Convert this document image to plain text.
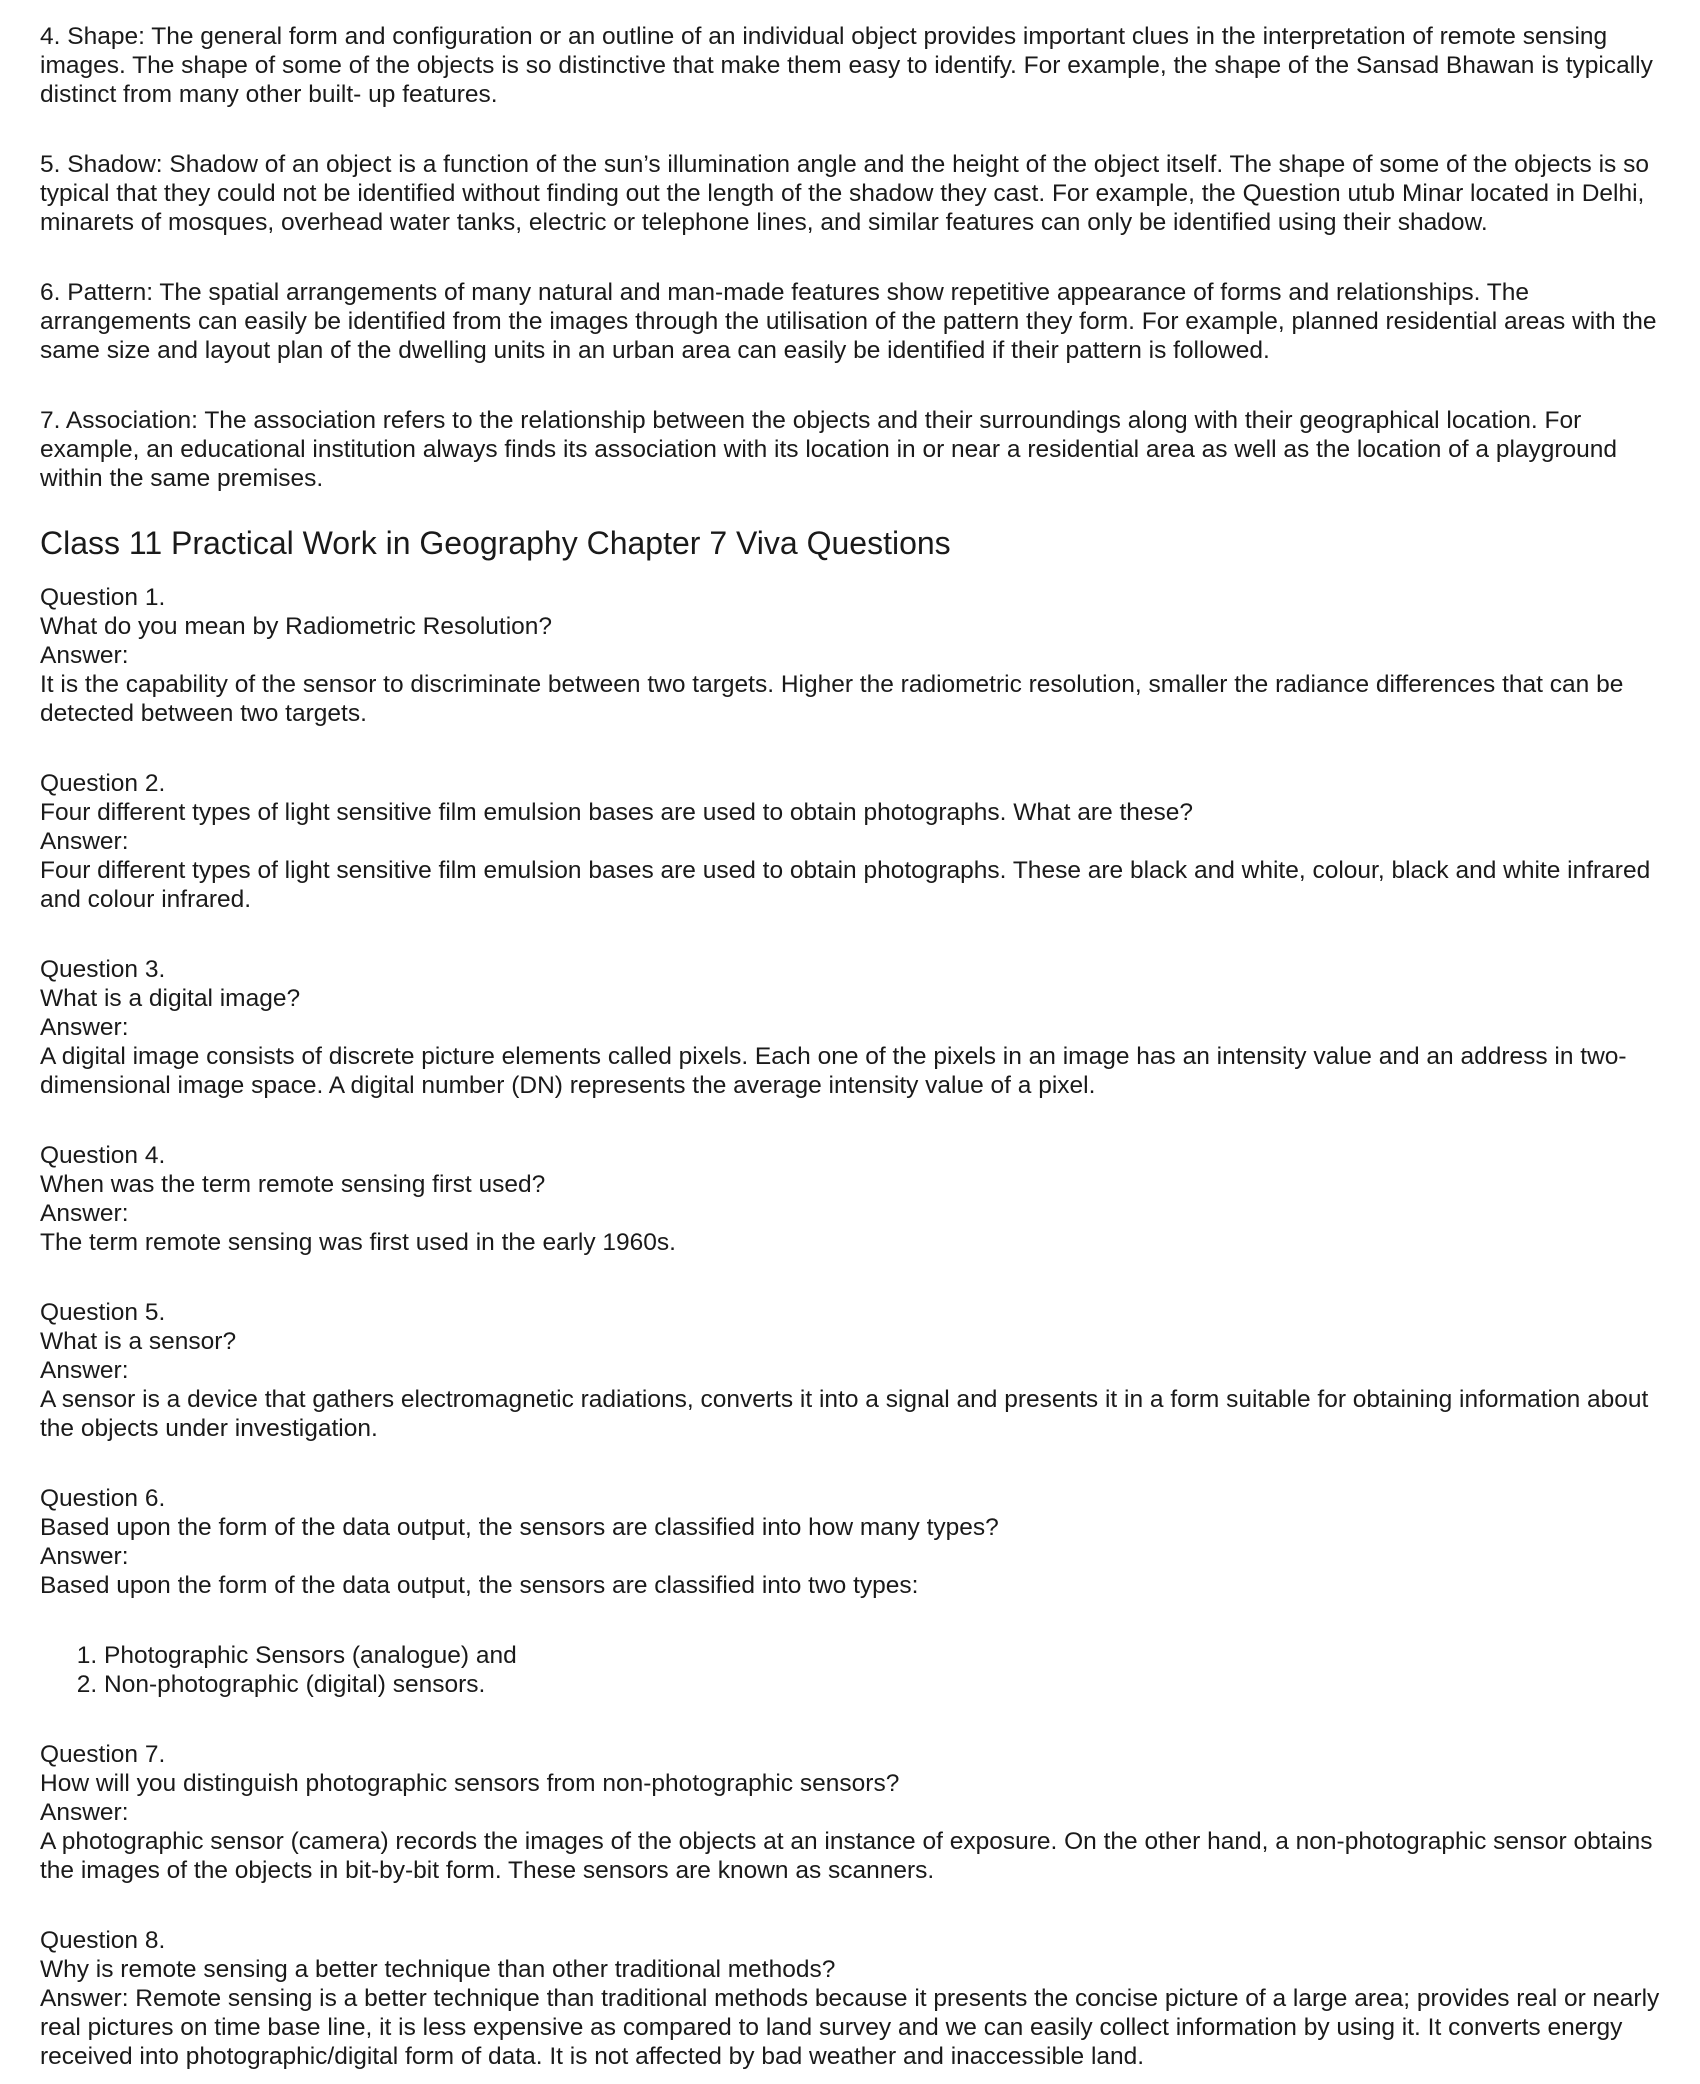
4. Shape: The general form and configuration or an outline of an individual object provides important clues in the interpretation of remote sensing images. The shape of some of the objects is so distinctive that make them easy to identify. For example, the shape of the Sansad Bhawan is typically distinct from many other built- up features.

5. Shadow: Shadow of an object is a function of the sun’s illumination angle and the height of the object itself. The shape of some of the objects is so typical that they could not be identified without finding out the length of the shadow they cast. For example, the Question utub Minar located in Delhi, minarets of mosques, overhead water tanks, electric or telephone lines, and similar features can only be identified using their shadow.

6. Pattern: The spatial arrangements of many natural and man-made features show repetitive appearance of forms and relationships. The arrangements can easily be identified from the images through the utilisation of the pattern they form. For example, planned residential areas with the same size and layout plan of the dwelling units in an urban area can easily be identified if their pattern is followed.

7. Association: The association refers to the relationship between the objects and their surroundings along with their geographical location. For example, an educational institution always finds its association with its location in or near a residential area as well as the location of a playground within the same premises.

Class 11 Practical Work in Geography Chapter 7 Viva Questions
Question 1.
What do you mean by Radiometric Resolution?
Answer:
It is the capability of the sensor to discriminate between two targets. Higher the radiometric resolution, smaller the radiance differences that can be detected between two targets.
Question 2.
Four different types of light sensitive film emulsion bases are used to obtain photographs. What are these?
Answer:
Four different types of light sensitive film emulsion bases are used to obtain photographs. These are black and white, colour, black and white infrared and colour infrared.
Question 3.
What is a digital image?
Answer:
A digital image consists of discrete picture elements called pixels. Each one of the pixels in an image has an intensity value and an address in two-dimensional image space. A digital number (DN) represents the average intensity value of a pixel.
Question 4.
When was the term remote sensing first used?
Answer:
The term remote sensing was first used in the early 1960s.
Question 5.
What is a sensor?
Answer:
A sensor is a device that gathers electromagnetic radiations, converts it into a signal and presents it in a form suitable for obtaining information about the objects under investigation.
Question 6.
Based upon the form of the data output, the sensors are classified into how many types?
Answer:
Based upon the form of the data output, the sensors are classified into two types:
1. Photographic Sensors (analogue) and
2. Non-photographic (digital) sensors.
Question 7.
How will you distinguish photographic sensors from non-photographic sensors?
Answer:
A photographic sensor (camera) records the images of the objects at an instance of exposure. On the other hand, a non-photographic sensor obtains the images of the objects in bit-by-bit form. These sensors are known as scanners.
Question 8.
Why is remote sensing a better technique than other traditional methods?
Answer: Remote sensing is a better technique than traditional methods because it presents the concise picture of a large area; provides real or nearly real pictures on time base line, it is less expensive as compared to land survey and we can easily collect information by using it. It converts energy received into photographic/digital form of data. It is not affected by bad weather and inaccessible land.
